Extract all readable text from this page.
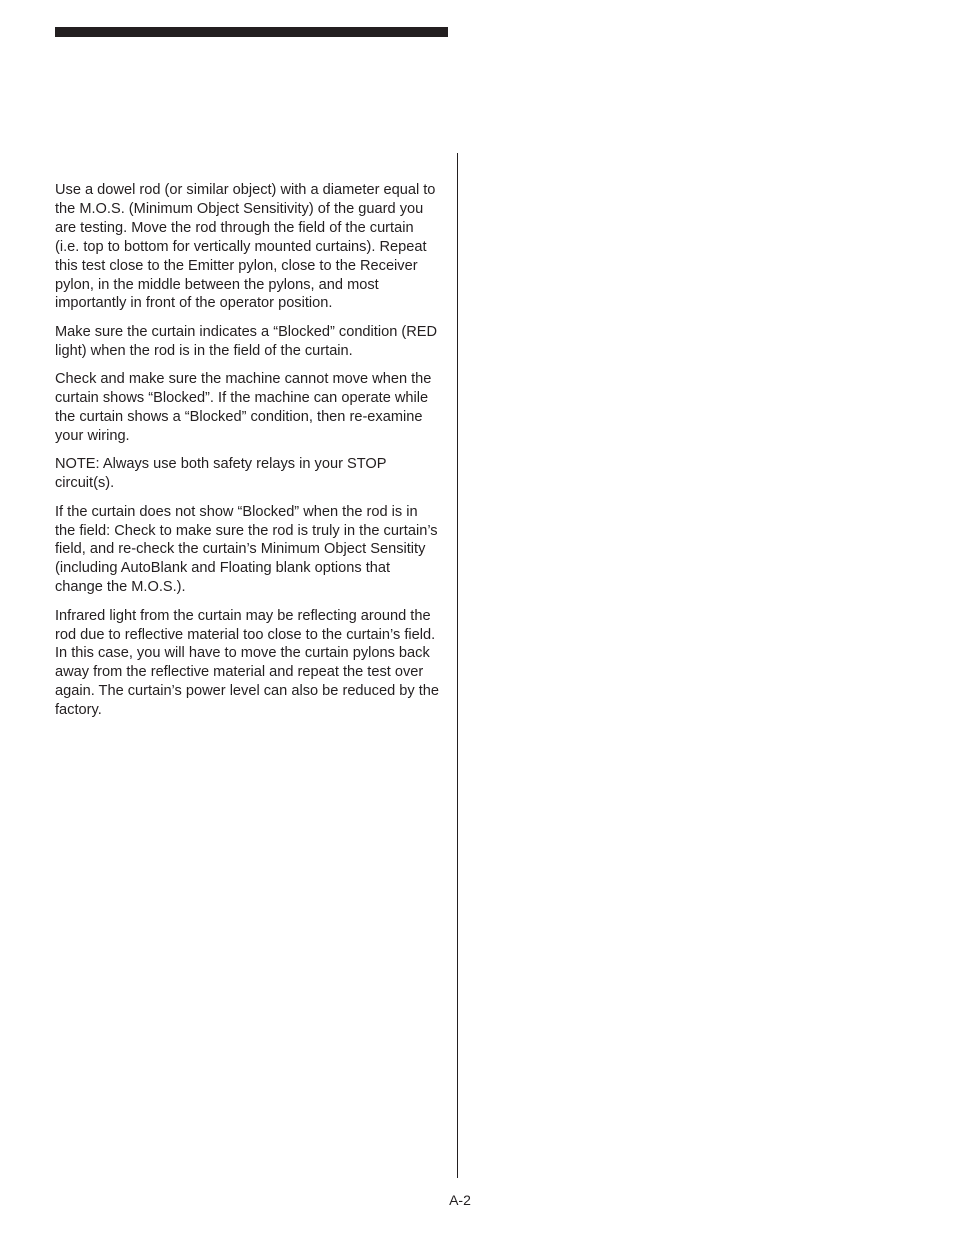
Use a dowel rod (or similar object) with a diameter equal to the M.O.S. (Minimum Object Sensitivity) of the guard you are testing. Move the rod through the field of the curtain (i.e. top to bottom for vertically mounted curtains). Repeat this test close to the Emitter pylon, close to the Receiver pylon, in the middle between the pylons, and most importantly in front of the operator position.

Make sure the curtain indicates a “Blocked” condition (RED light) when the rod is in the field of the curtain.

Check and make sure the machine cannot move when the curtain shows “Blocked”. If the machine can operate while the curtain shows a “Blocked” condition, then re-examine your wiring.

NOTE: Always use both safety relays in your STOP circuit(s).

If the curtain does not show “Blocked” when the rod is in the field: Check to make sure the rod is truly in the curtain’s field, and re-check the curtain’s Minimum Object Sensitity (including AutoBlank and Floating blank options that change the M.O.S.).

Infrared light from the curtain may be reflecting around the rod due to reflective material too close to the curtain’s field. In this case, you will have to move the curtain pylons back away from the reflective material and repeat the test over again. The curtain’s power level can also be reduced by the factory.

A-2
